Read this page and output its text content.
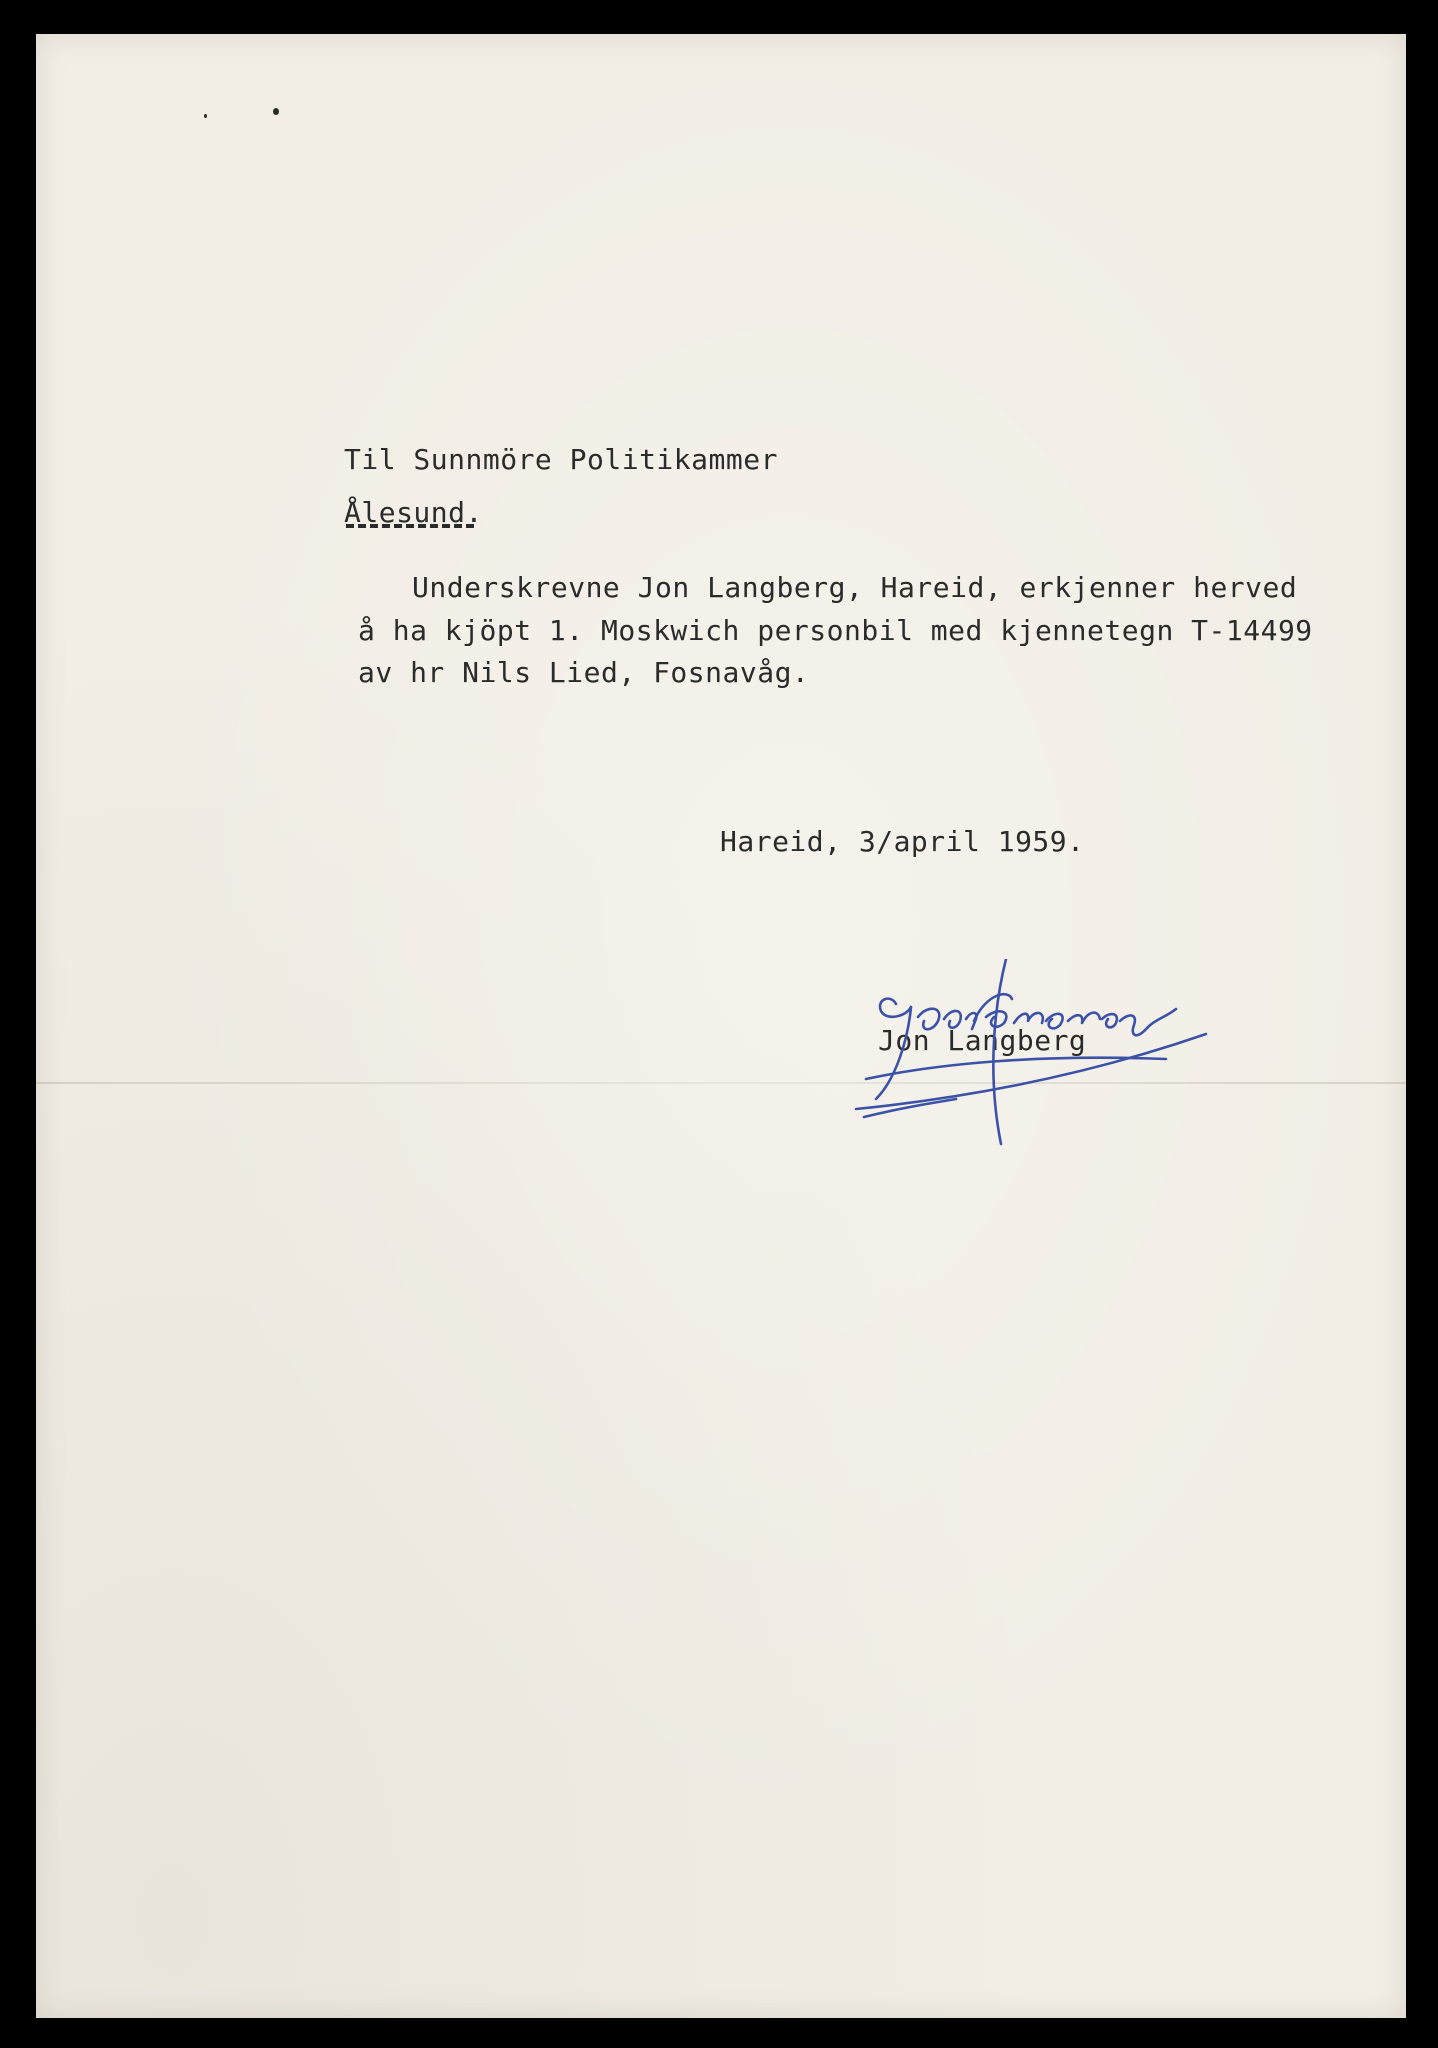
Til Sunnmöre Politikammer
Ålesund.
Underskrevne Jon Langberg, Hareid, erkjenner herved
å ha kjöpt 1. Moskwich personbil med kjennetegn T-14499
av hr Nils Lied, Fosnavåg.
Hareid, 3/april 1959.
Jon Langberg
